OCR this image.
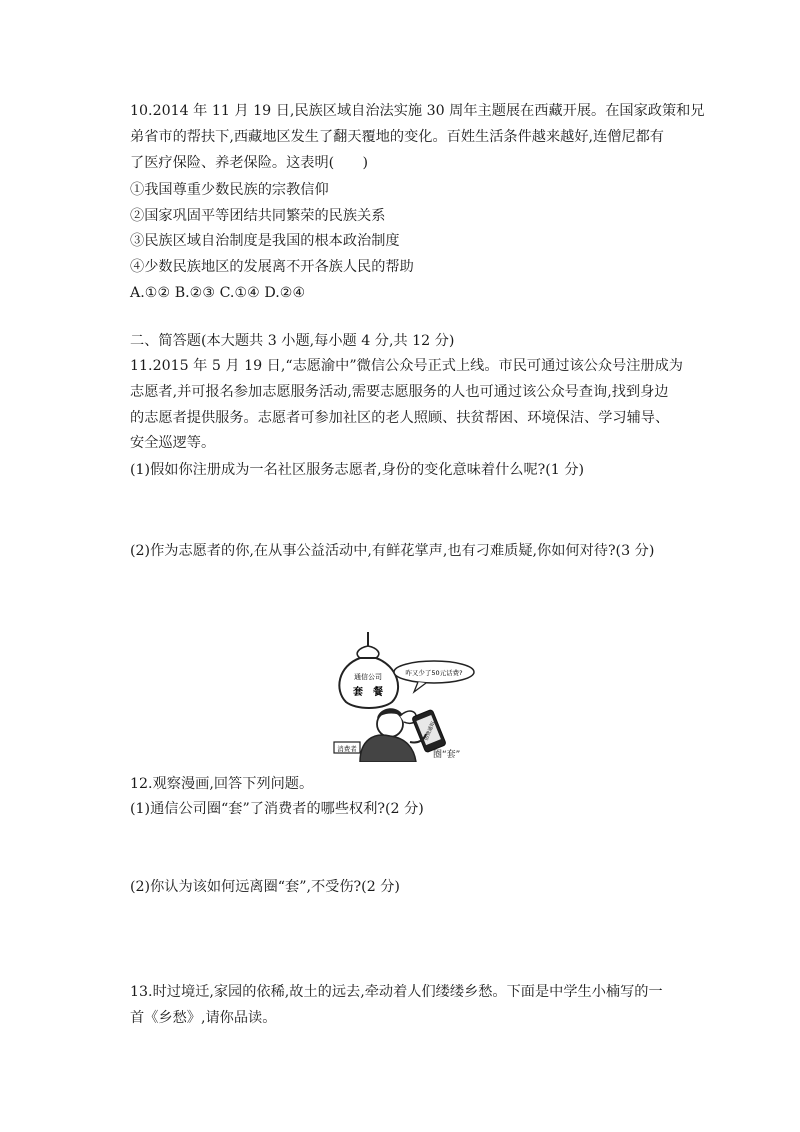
10.2014 年 11 月 19 日,民族区域自治法实施 30 周年主题展在西藏开展。在国家政策和兄
弟省市的帮扶下,西藏地区发生了翻天覆地的变化。百姓生活条件越来越好,连僧尼都有
了医疗保险、养老保险。这表明(　　)
①我国尊重少数民族的宗教信仰
②国家巩固平等团结共同繁荣的民族关系
③民族区域自治制度是我国的根本政治制度
④少数民族地区的发展离不开各族人民的帮助
A.①② B.②③ C.①④ D.②④
二、简答题(本大题共 3 小题,每小题 4 分,共 12 分)
11.2015 年 5 月 19 日,“志愿渝中”微信公众号正式上线。市民可通过该公众号注册成为
志愿者,并可报名参加志愿服务活动,需要志愿服务的人也可通过该公众号查询,找到身边
的志愿者提供服务。志愿者可参加社区的老人照顾、扶贫帮困、环境保洁、学习辅导、
安全巡逻等。
(1)假如你注册成为一名社区服务志愿者,身份的变化意味着什么呢?(1 分)
(2)作为志愿者的你,在从事公益活动中,有鲜花掌声,也有刁难质疑,你如何对待?(3 分)
通信公司
套　餐
咋又少了50元话费?
话费通知
消费者
圈“套”
12.观察漫画,回答下列问题。
(1)通信公司圈“套”了消费者的哪些权利?(2 分)
(2)你认为该如何远离圈“套”,不受伤?(2 分)
13.时过境迁,家园的依稀,故土的远去,牵动着人们缕缕乡愁。下面是中学生小楠写的一
首《乡愁》,请你品读。
